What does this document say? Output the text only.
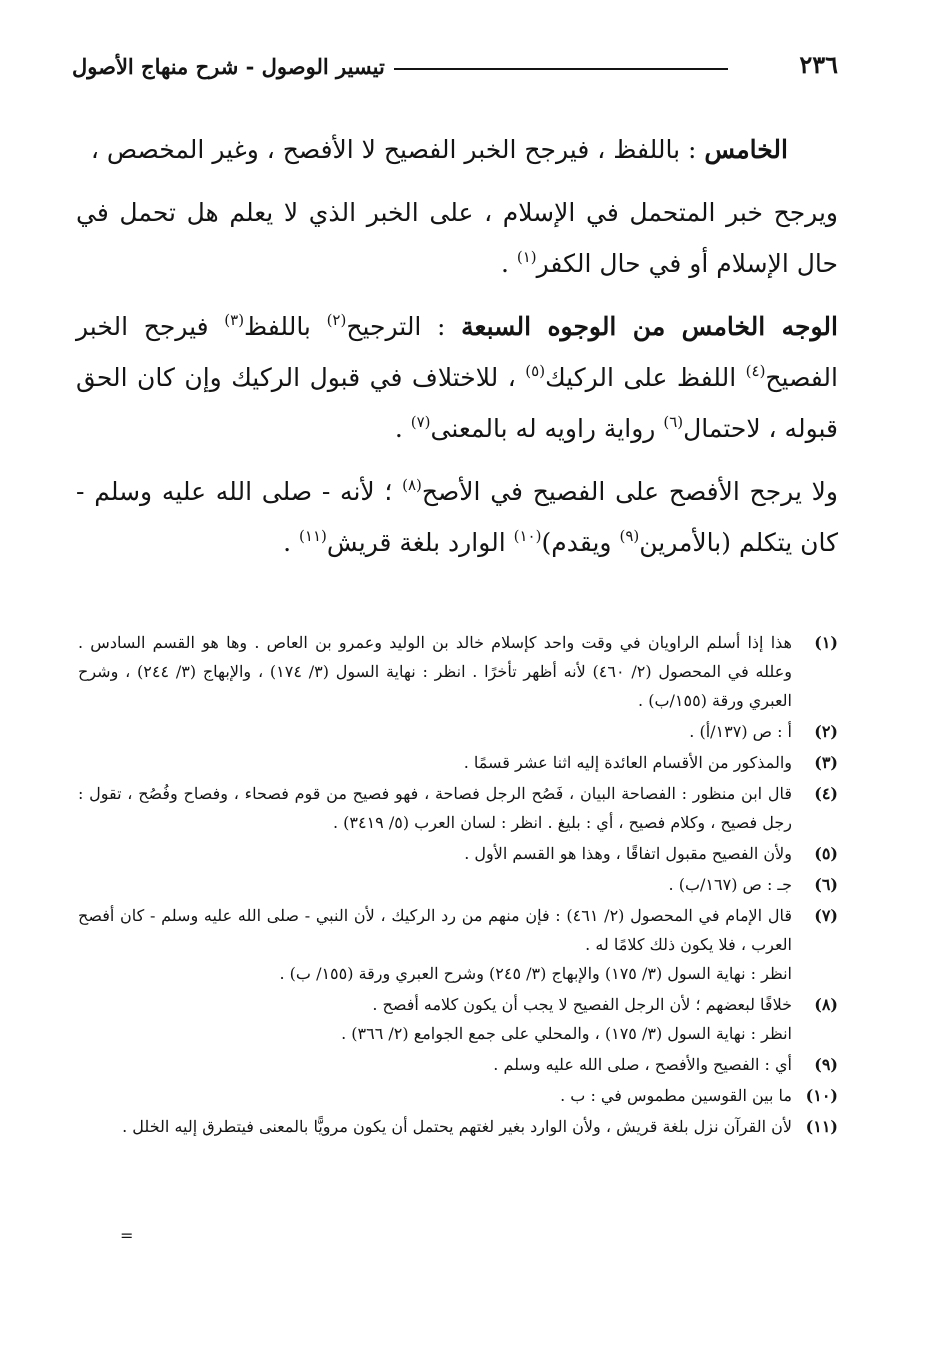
٢٣٦
تيسير الوصول - شرح منهاج الأصول

الخامس : باللفظ ، فيرجح الخبر الفصيح لا الأفصح ، وغير المخصص ،

ويرجح خبر المتحمل في الإسلام ، على الخبر الذي لا يعلم هل تحمل في حال الإسلام أو في حال الكفر$^{(١)}$ .

الوجه الخامس من الوجوه السبعة : الترجيح$^{(٢)}$ باللفظ$^{(٣)}$ فيرجح الخبر الفصيح$^{(٤)}$ اللفظ على الركيك$^{(٥)}$ ، للاختلاف في قبول الركيك وإن كان الحق قبوله ، لاحتمال$^{(٦)}$ رواية راويه له بالمعنى$^{(٧)}$ .

ولا يرجح الأفصح على الفصيح في الأصح$^{(٨)}$ ؛ لأنه - صلى الله عليه وسلم - كان يتكلم (بالأمرين$^{(٩)}$ ويقدم)$^{(١٠)}$ الوارد بلغة قريش$^{(١١)}$ .

(١)
هذا إذا أسلم الراويان في وقت واحد كإسلام خالد بن الوليد وعمرو بن العاص . وها هو القسم السادس . وعلله في المحصول (٢/ ٤٦٠) لأنه أظهر تأخرًا . انظر : نهاية السول (٣/ ١٧٤) ، والإبهاج (٣/ ٢٤٤) ، وشرح العبري ورقة (١٥٥/ب) .
(٢)
أ : ص (١٣٧/أ) .
(٣)
والمذكور من الأقسام العائدة إليه اثنا عشر قسمًا .
(٤)
قال ابن منظور : الفصاحة البيان ، فَصُح الرجل فصاحة ، فهو فصيح من قوم فصحاء ، وفصاح وفُصُح ، تقول : رجل فصيح ، وكلام فصيح ، أي : بليغ . انظر : لسان العرب (٥/ ٣٤١٩) .
(٥)
ولأن الفصيح مقبول اتفاقًا ، وهذا هو القسم الأول .
(٦)
جـ : ص (١٦٧/ب) .
(٧)
قال الإمام في المحصول (٢/ ٤٦١) : فإن منهم من رد الركيك ، لأن النبي - صلى الله عليه وسلم - كان أفصح العرب ، فلا يكون ذلك كلامًا له .
انظر : نهاية السول (٣/ ١٧٥) والإبهاج (٣/ ٢٤٥) وشرح العبري ورقة (١٥٥/ ب) .
(٨)
خلافًا لبعضهم ؛ لأن الرجل الفصيح لا يجب أن يكون كلامه أفصح .
انظر : نهاية السول (٣/ ١٧٥) ، والمحلي على جمع الجوامع (٢/ ٣٦٦) .
(٩)
أي : الفصيح والأفصح ، صلى الله عليه وسلم .
(١٠)
ما بين القوسين مطموس في : ب .
(١١)
لأن القرآن نزل بلغة قريش ، ولأن الوارد بغير لغتهم يحتمل أن يكون مرويًّا بالمعنى فيتطرق إليه الخلل .
=
